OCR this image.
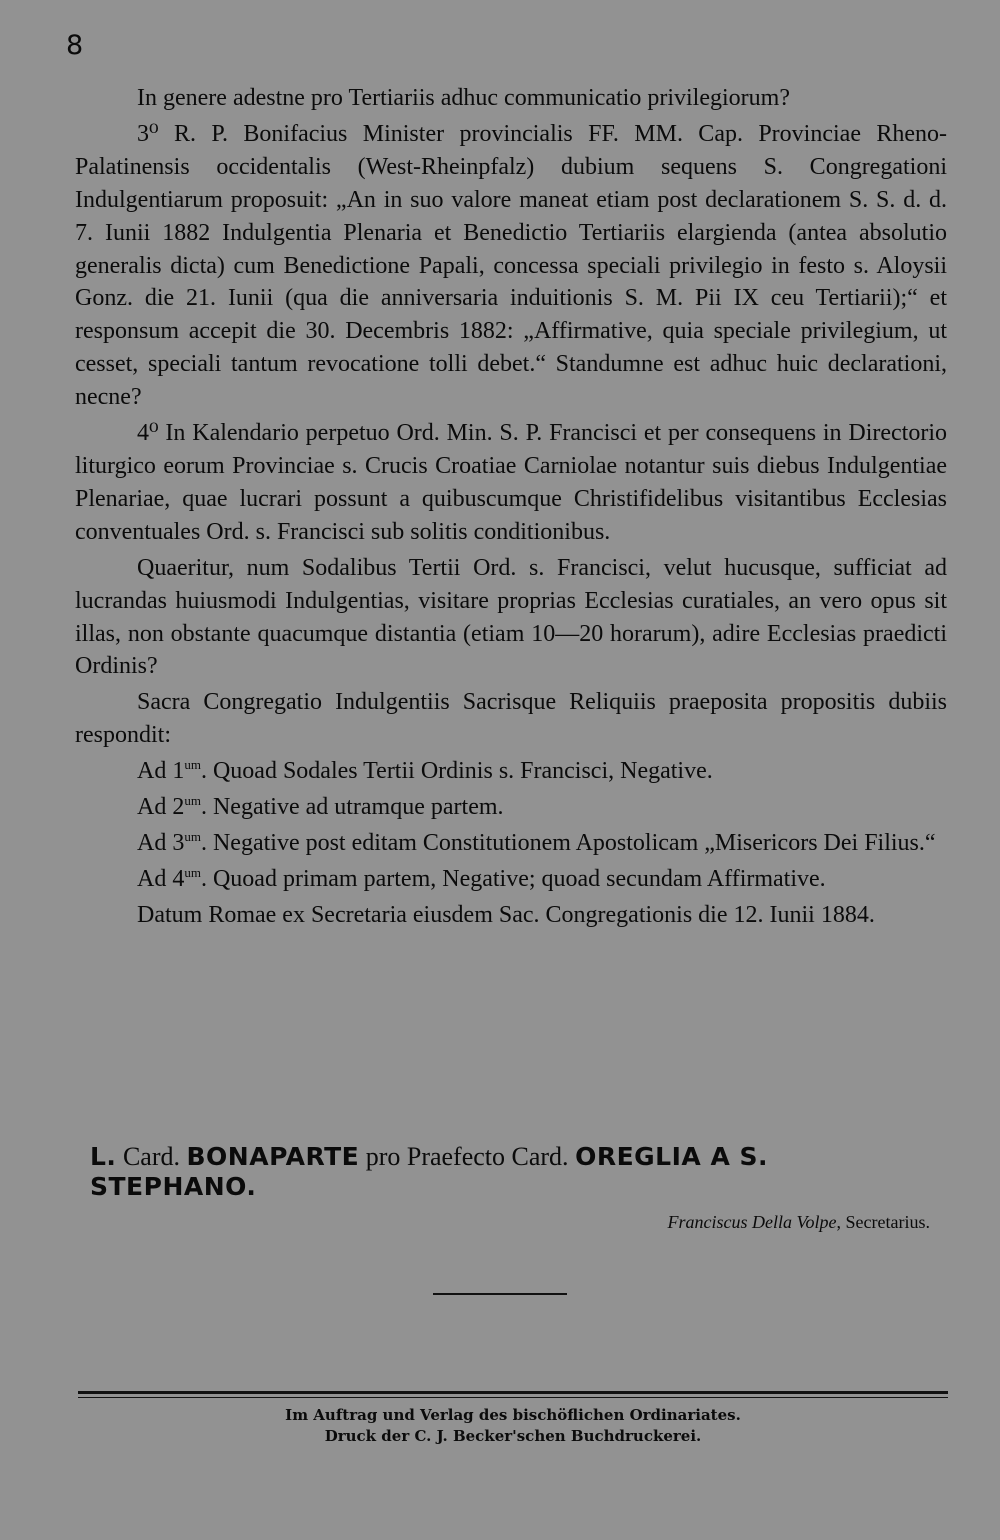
8

In genere adestne pro Tertiariis adhuc communicatio privilegiorum?

3⁰ R. P. Bonifacius Minister provincialis FF. MM. Cap. Provinciae Rheno-Palatinensis occidentalis (West-Rheinpfalz) dubium sequens S. Congregationi Indulgentiarum proposuit: „An in suo valore maneat etiam post declarationem S. S. d. d. 7. Iunii 1882 Indulgentia Plenaria et Benedictio Tertiariis elargienda (antea absolutio generalis dicta) cum Benedictione Papali, concessa speciali privilegio in festo s. Aloysii Gonz. die 21. Iunii (qua die anniversaria induitionis S. M. Pii IX ceu Tertiarii);“ et responsum accepit die 30. Decembris 1882: „Affirmative, quia speciale privilegium, ut cesset, speciali tantum revocatione tolli debet.“ Standumne est adhuc huic declarationi, necne?

4⁰ In Kalendario perpetuo Ord. Min. S. P. Francisci et per consequens in Directorio liturgico eorum Provinciae s. Crucis Croatiae Carniolae notantur suis diebus Indulgentiae Plenariae, quae lucrari possunt a quibuscumque Christifidelibus visitantibus Ecclesias conventuales Ord. s. Francisci sub solitis conditionibus.

Quaeritur, num Sodalibus Tertii Ord. s. Francisci, velut hucusque, sufficiat ad lucrandas huiusmodi Indulgentias, visitare proprias Ecclesias curatiales, an vero opus sit illas, non obstante quacumque distantia (etiam 10—20 horarum), adire Ecclesias praedicti Ordinis?

Sacra Congregatio Indulgentiis Sacrisque Reliquiis praeposita propositis dubiis respondit:

Ad $1^{um}$. Quoad Sodales Tertii Ordinis s. Francisci, Negative.

Ad $2^{um}$. Negative ad utramque partem.

Ad $3^{um}$. Negative post editam Constitutionem Apostolicam „Misericors Dei Filius.“

Ad $4^{um}$. Quoad primam partem, Negative; quoad secundam Affirmative.

Datum Romae ex Secretaria eiusdem Sac. Congregationis die 12. Iunii 1884.

L. Card. BONAPARTE pro Praefecto Card. OREGLIA A S. STEPHANO.
Franciscus Della Volpe, Secretarius.
Im Auftrag und Verlag des bischöflichen Ordinariates.
Druck der C. J. Becker'schen Buchdruckerei.
